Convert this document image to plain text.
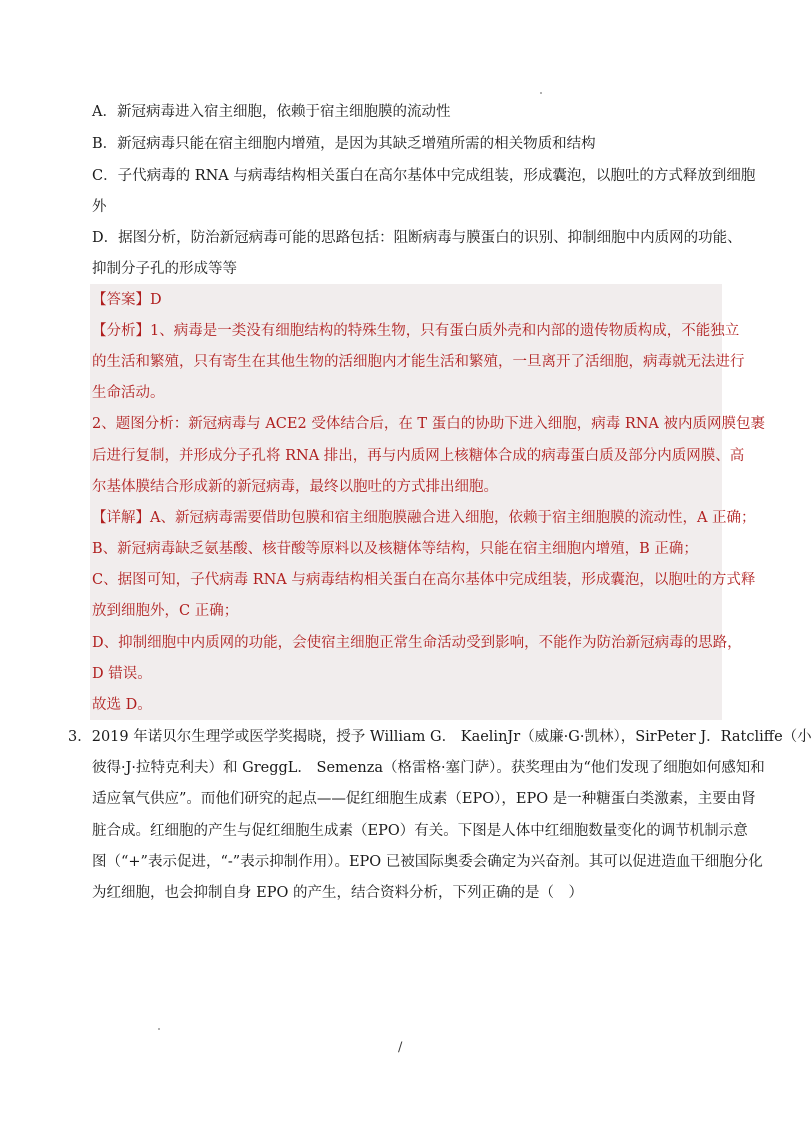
A．新冠病毒进入宿主细胞，依赖于宿主细胞膜的流动性
B．新冠病毒只能在宿主细胞内增殖，是因为其缺乏增殖所需的相关物质和结构
C．子代病毒的 RNA 与病毒结构相关蛋白在高尔基体中完成组装，形成囊泡，以胞吐的方式释放到细胞
外
D．据图分析，防治新冠病毒可能的思路包括：阻断病毒与膜蛋白的识别、抑制细胞中内质网的功能、
抑制分子孔的形成等等
【答案】D
【分析】1、病毒是一类没有细胞结构的特殊生物，只有蛋白质外壳和内部的遗传物质构成，不能独立
的生活和繁殖，只有寄生在其他生物的活细胞内才能生活和繁殖，一旦离开了活细胞，病毒就无法进行
生命活动。
2、题图分析：新冠病毒与 ACE2 受体结合后，在 T 蛋白的协助下进入细胞，病毒 RNA 被内质网膜包裹
后进行复制，并形成分子孔将 RNA 排出，再与内质网上核糖体合成的病毒蛋白质及部分内质网膜、高
尔基体膜结合形成新的新冠病毒，最终以胞吐的方式排出细胞。
【详解】A、新冠病毒需要借助包膜和宿主细胞膜融合进入细胞，依赖于宿主细胞膜的流动性，A 正确；
B、新冠病毒缺乏氨基酸、核苷酸等原料以及核糖体等结构，只能在宿主细胞内增殖，B 正确；
C、据图可知，子代病毒 RNA 与病毒结构相关蛋白在高尔基体中完成组装，形成囊泡，以胞吐的方式释
放到细胞外，C 正确；
D、抑制细胞中内质网的功能，会使宿主细胞正常生命活动受到影响，不能作为防治新冠病毒的思路，
D 错误。
故选 D。
3．2019 年诺贝尔生理学或医学奖揭晓，授予 William G． KaelinJr（威廉·G·凯林），SirPeter J．Ratcliffe（小
彼得·J·拉特克利夫）和 GreggL． Semenza（格雷格·塞门萨）。获奖理由为“他们发现了细胞如何感知和
适应氧气供应”。而他们研究的起点——促红细胞生成素（EPO），EPO 是一种糖蛋白类激素，主要由肾
脏合成。红细胞的产生与促红细胞生成素（EPO）有关。下图是人体中红细胞数量变化的调节机制示意
图（“+”表示促进，“-”表示抑制作用）。EPO 已被国际奥委会确定为兴奋剂。其可以促进造血干细胞分化
为红细胞，也会抑制自身 EPO 的产生，结合资料分析，下列正确的是（　）
/
